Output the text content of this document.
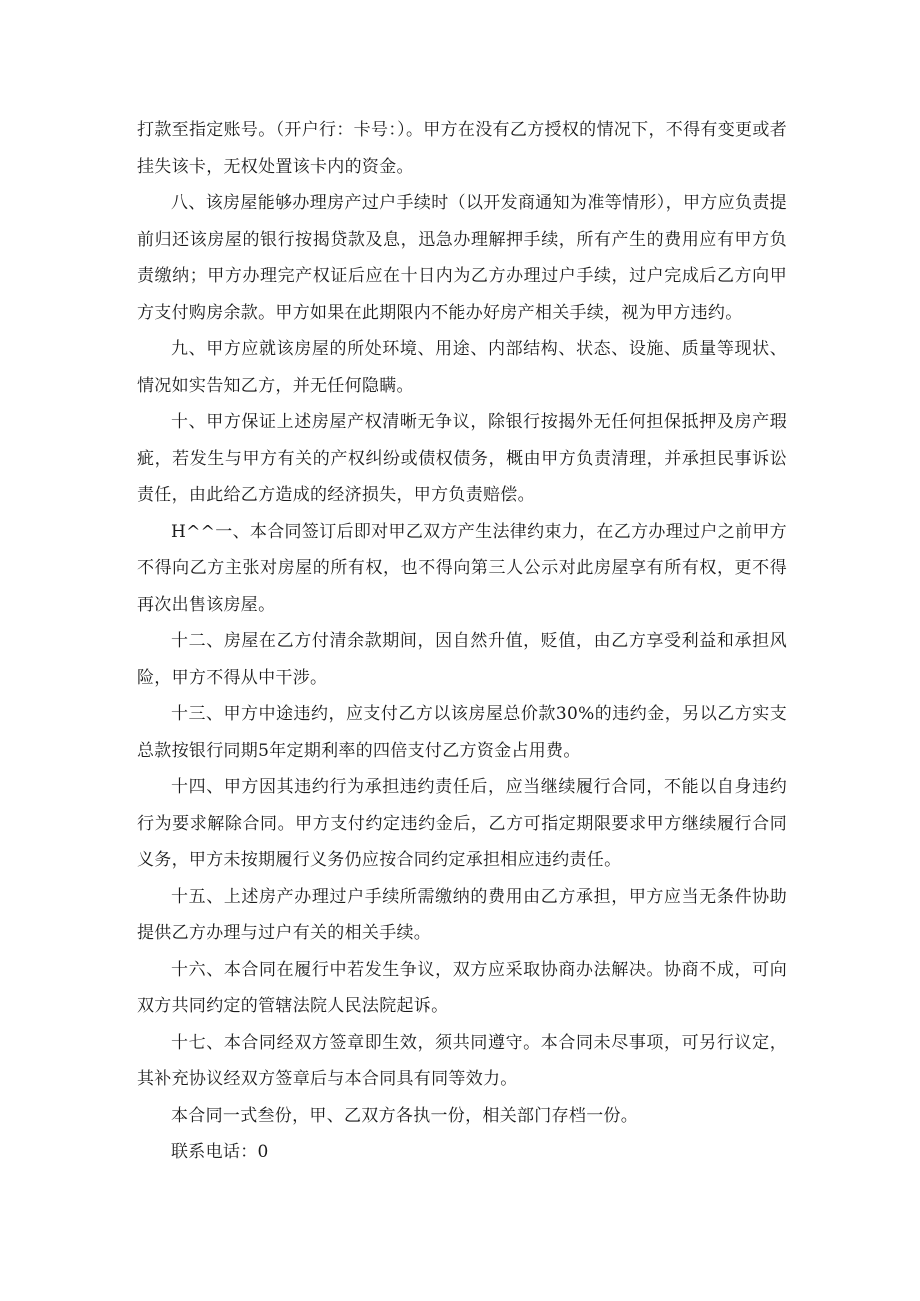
打款至指定账号。（开户行：卡号：）。甲方在没有乙方授权的情况下，不得有变更或者挂失该卡，无权处置该卡内的资金。

八、该房屋能够办理房产过户手续时（以开发商通知为准等情形），甲方应负责提前归还该房屋的银行按揭贷款及息，迅急办理解押手续，所有产生的费用应有甲方负责缴纳；甲方办理完产权证后应在十日内为乙方办理过户手续，过户完成后乙方向甲方支付购房余款。甲方如果在此期限内不能办好房产相关手续，视为甲方违约。

九、甲方应就该房屋的所处环境、用途、内部结构、状态、设施、质量等现状、情况如实告知乙方，并无任何隐瞒。

十、甲方保证上述房屋产权清晰无争议，除银行按揭外无任何担保抵押及房产瑕疵，若发生与甲方有关的产权纠纷或债权债务，概由甲方负责清理，并承担民事诉讼责任，由此给乙方造成的经济损失，甲方负责赔偿。

H^^一、本合同签订后即对甲乙双方产生法律约束力，在乙方办理过户之前甲方不得向乙方主张对房屋的所有权，也不得向第三人公示对此房屋享有所有权，更不得再次出售该房屋。

十二、房屋在乙方付清余款期间，因自然升值，贬值，由乙方享受利益和承担风险，甲方不得从中干涉。

十三、甲方中途违约，应支付乙方以该房屋总价款30%的违约金，另以乙方实支总款按银行同期5年定期利率的四倍支付乙方资金占用费。

十四、甲方因其违约行为承担违约责任后，应当继续履行合同，不能以自身违约行为要求解除合同。甲方支付约定违约金后，乙方可指定期限要求甲方继续履行合同义务，甲方未按期履行义务仍应按合同约定承担相应违约责任。

十五、上述房产办理过户手续所需缴纳的费用由乙方承担，甲方应当无条件协助提供乙方办理与过户有关的相关手续。

十六、本合同在履行中若发生争议，双方应采取协商办法解决。协商不成，可向双方共同约定的管辖法院人民法院起诉。

十七、本合同经双方签章即生效，须共同遵守。本合同未尽事项，可另行议定，其补充协议经双方签章后与本合同具有同等效力。

本合同一式叁份，甲、乙双方各执一份，相关部门存档一份。

联系电话：0
